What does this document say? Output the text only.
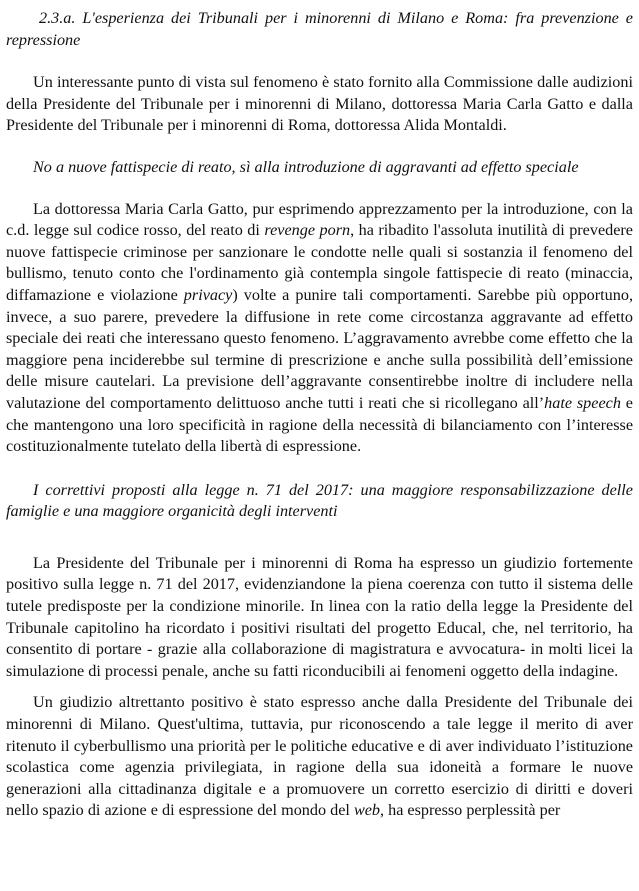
2.3.a. L'esperienza dei Tribunali per i minorenni di Milano e Roma: fra prevenzione e repressione

Un interessante punto di vista sul fenomeno è stato fornito alla Commissione dalle audizioni della Presidente del Tribunale per i minorenni di Milano, dottoressa Maria Carla Gatto e dalla Presidente del Tribunale per i minorenni di Roma, dottoressa Alida Montaldi.

No a nuove fattispecie di reato, sì alla introduzione di aggravanti ad effetto speciale

La dottoressa Maria Carla Gatto, pur esprimendo apprezzamento per la introduzione, con la c.d. legge sul codice rosso, del reato di revenge porn, ha ribadito l'assoluta inutilità di prevedere nuove fattispecie criminose per sanzionare le condotte nelle quali si sostanzia il fenomeno del bullismo, tenuto conto che l'ordinamento già contempla singole fattispecie di reato (minaccia, diffamazione e violazione privacy) volte a punire tali comportamenti. Sarebbe più opportuno, invece, a suo parere, prevedere la diffusione in rete come circostanza aggravante ad effetto speciale dei reati che interessano questo fenomeno. L’aggravamento avrebbe come effetto che la maggiore pena inciderebbe sul termine di prescrizione e anche sulla possibilità dell’emissione delle misure cautelari. La previsione dell’aggravante consentirebbe inoltre di includere nella valutazione del comportamento delittuoso anche tutti i reati che si ricollegano all’hate speech e che mantengono una loro specificità in ragione della necessità di bilanciamento con l’interesse costituzionalmente tutelato della libertà di espressione.

I correttivi proposti alla legge n. 71 del 2017: una maggiore responsabilizzazione delle famiglie e una maggiore organicità degli interventi

La Presidente del Tribunale per i minorenni di Roma ha espresso un giudizio fortemente positivo sulla legge n. 71 del 2017, evidenziandone la piena coerenza con tutto il sistema delle tutele predisposte per la condizione minorile. In linea con la ratio della legge la Presidente del Tribunale capitolino ha ricordato i positivi risultati del progetto Educal, che, nel territorio, ha consentito di portare - grazie alla collaborazione di magistratura e avvocatura- in molti licei la simulazione di processi penale, anche su fatti riconducibili ai fenomeni oggetto della indagine.

Un giudizio altrettanto positivo è stato espresso anche dalla Presidente del Tribunale dei minorenni di Milano. Quest'ultima, tuttavia, pur riconoscendo a tale legge il merito di aver ritenuto il cyberbullismo una priorità per le politiche educative e di aver individuato l’istituzione scolastica come agenzia privilegiata, in ragione della sua idoneità a formare le nuove generazioni alla cittadinanza digitale e a promuovere un corretto esercizio di diritti e doveri nello spazio di azione e di espressione del mondo del web, ha espresso perplessità per
